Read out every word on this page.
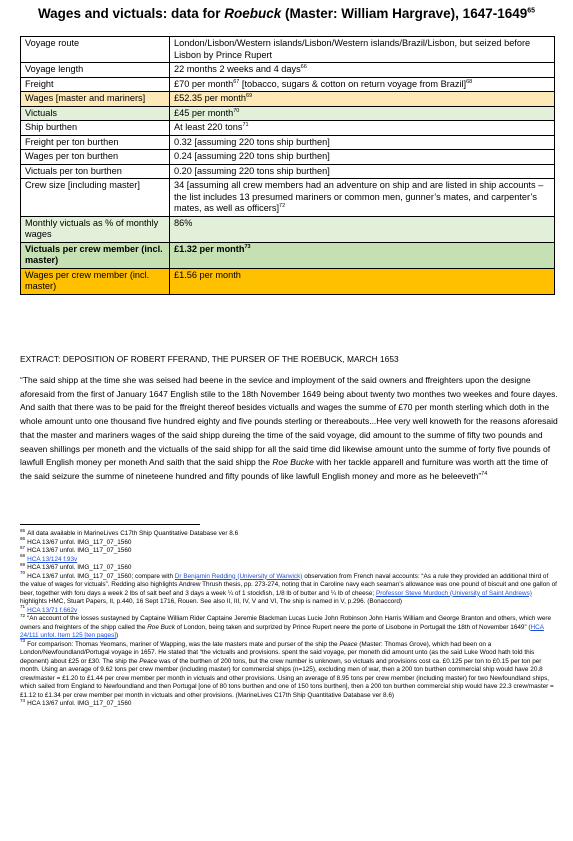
Wages and victuals: data for Roebuck (Master: William Hargrave), 1647-1649$^{65}$
Voyage route	London/Lisbon/Western islands/Lisbon/Western islands/Brazil/Lisbon, but seized before Lisbon by Prince Rupert
Voyage length	22 months 2 weeks and 4 days$^{66}$
Freight	£70 per month$^{67}$ [tobacco, sugars & cotton on return voyage from Brazil]$^{68}$
Wages [master and mariners]	£52.35 per month$^{69}$
Victuals	£45 per month$^{70}$
Ship burthen	At least 220 tons$^{71}$
Freight per ton burthen	0.32 [assuming 220 tons ship burthen]
Wages per ton burthen	0.24 [assuming 220 tons ship burthen]
Victuals per ton burthen	0.20 [assuming 220 tons ship burthen]
Crew size [including master]	34 [assuming all crew members had an adventure on ship and are listed in ship accounts – the list includes 13 presumed mariners or common men, gunner’s mates, and carpenter’s mates, as well as officers]$^{72}$
Monthly victuals as % of monthly wages	86%
Victuals per crew member (incl. master)	£1.32 per month$^{73}$
Wages per crew member (incl. master)	£1.56 per month
EXTRACT: DEPOSITION OF ROBERT FFERAND, THE PURSER OF THE ROEBUCK, MARCH 1653
“The said shipp at the time she was seised had beene in the sevice and imployment of the said owners and ffreighters upon the designe aforesaid from the first of January 1647 English stile to the 18th November 1649 being about twenty two monthes two weekes and foure dayes. And saith that there was to be paid for the ffreight thereof besides victualls and wages the summe of £70 per month sterling which doth in the whole amount unto one thousand five hundred eighty and five pounds sterling or thereabouts...Hee very well knoweth for the reasons aforesaid that the master and mariners wages of the said shipp dureing the time of the said voyage, did amount to the summe of fifty two pounds and seaven shillings per moneth and the victualls of the said shipp for all the said time did likewise amount unto the summe of forty five pounds of lawfull English money per moneth And saith that the said shipp the Roe Bucke with her tackle apparell and furniture was worth att the time of the said seizure the summe of nineteene hundred and fifty pounds of like lawfull English money and more as he beleeveth”$^{74}$

$^{65}$ All data available in MarineLives C17th Ship Quantitative Database ver 8.6

$^{66}$ HCA 13/67 unfol. IMG_117_07_1560

$^{67}$ HCA 13/67 unfol. IMG_117_07_1560

$^{68}$ HCA 13/124 f.93v

$^{69}$ HCA 13/67 unfol. IMG_117_07_1560

$^{70}$ HCA 13/67 unfol. IMG_117_07_1560; compare with Dr Benjamin Redding (University of Warwick) observation from French naval accounts: “As a rule they provided an additional third of the value of wages for victuals”. Redding also highlights Andrew Thrush thesis, pp. 273-274, noting that in Caroline navy each seaman’s allowance was one pound of biscuit and one gallon of beer, together with foru days a week 2 lbs of salt beef and 3 days a week ¼ of 1 stockfish, 1/8 lb of butter and ¼ lb of cheese; Professor Steve Murdoch (University of Saint Andrews) highlights HMC, Stuart Papers, II, p.440, 16 Sept 1716, Rouen. See also II, III, IV, V and VI, The ship is named in V, p.296. (Bonaccord)

$^{71}$ HCA 13/71 f.662v

$^{72}$ “An account of the losses sustayned by Captaine William Rider Captaine Jeremie Blackman Lucas Lucie John Robinson John Harris William and George Branton and others, which were owners and freighters of the shipp called the Roe Buck of London, being taken and surprized by Prince Rupert neere the porte of Lisobone in Portugall the 18th of November 1649” (HCA 24/111 unfol. Item 125 [ten pages])

$^{73}$ For comparison: Thomas Yeomans, mariner of Wapping, was the late masters mate and purser of the ship the Peace (Master: Thomas Grove), which had been on a London/Newfoundland/Portugal voyage in 1657. He stated that “the victualls and provisions. spent the said voyage, per moneth did amount unto (as the said Luke Wood hath told this deponent) about £25 or £30. The ship the Peace was of the burthen of 200 tons, but the crew number is unknown, so victuals and provisions cost ca. £0.125 per ton to £0.15 per ton per month. Using an average of 9.62 tons per crew member (including master) for commercial ships (n=125), excluding men of war, then a 200 ton burthen commercial ship would have 20.8 crew/master = £1.20 to £1.44 per crew member per month in victuals and other provisions. Using an average of 8.95 tons per crew member (including master) for two Newfoundland ships, which sailed from England to Newfoundland and then Portugal [one of 80 tons burthen and one of 150 tons burthen], then a 200 ton burthen commercial ship would have 22.3 crew/master = £1.12 to £1.34 per crew member per month in victuals and other provisions. (MarineLives C17th Ship Quantitative Database ver 8.6)

$^{74}$ HCA 13/67 unfol. IMG_117_07_1560
